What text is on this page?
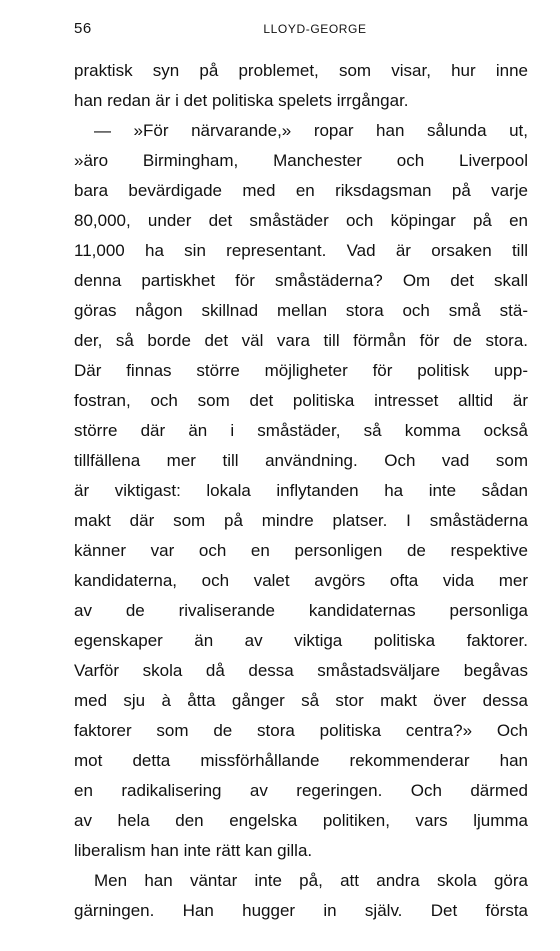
56	LLOYD-GEORGE
praktisk syn på problemet, som visar, hur inne
han redan är i det politiska spelets irrgångar.
— »För närvarande,» ropar han sålunda ut,
»äro Birmingham, Manchester och Liverpool
bara bevärdigade med en riksdagsman på varje
80,000, under det småstäder och köpingar på en
11,000 ha sin representant. Vad är orsaken till
denna partiskhet för småstäderna? Om det skall
göras någon skillnad mellan stora och små stä-
der, så borde det väl vara till förmån för de stora.
Där finnas större möjligheter för politisk upp-
fostran, och som det politiska intresset alltid är
större där än i småstäder, så komma också
tillfällena mer till användning. Och vad som
är viktigast: lokala inflytanden ha inte sådan
makt där som på mindre platser. I småstäderna
känner var och en personligen de respektive
kandidaterna, och valet avgörs ofta vida mer
av de rivaliserande kandidaternas personliga
egenskaper än av viktiga politiska faktorer.
Varför skola då dessa småstadsväljare begåvas
med sju à åtta gånger så stor makt över dessa
faktorer som de stora politiska centra?» Och
mot detta missförhållande rekommenderar han
en radikalisering av regeringen. Och därmed
av hela den engelska politiken, vars ljumma
liberalism han inte rätt kan gilla.
Men han väntar inte på, att andra skola göra
gärningen. Han hugger in själv. Det första
